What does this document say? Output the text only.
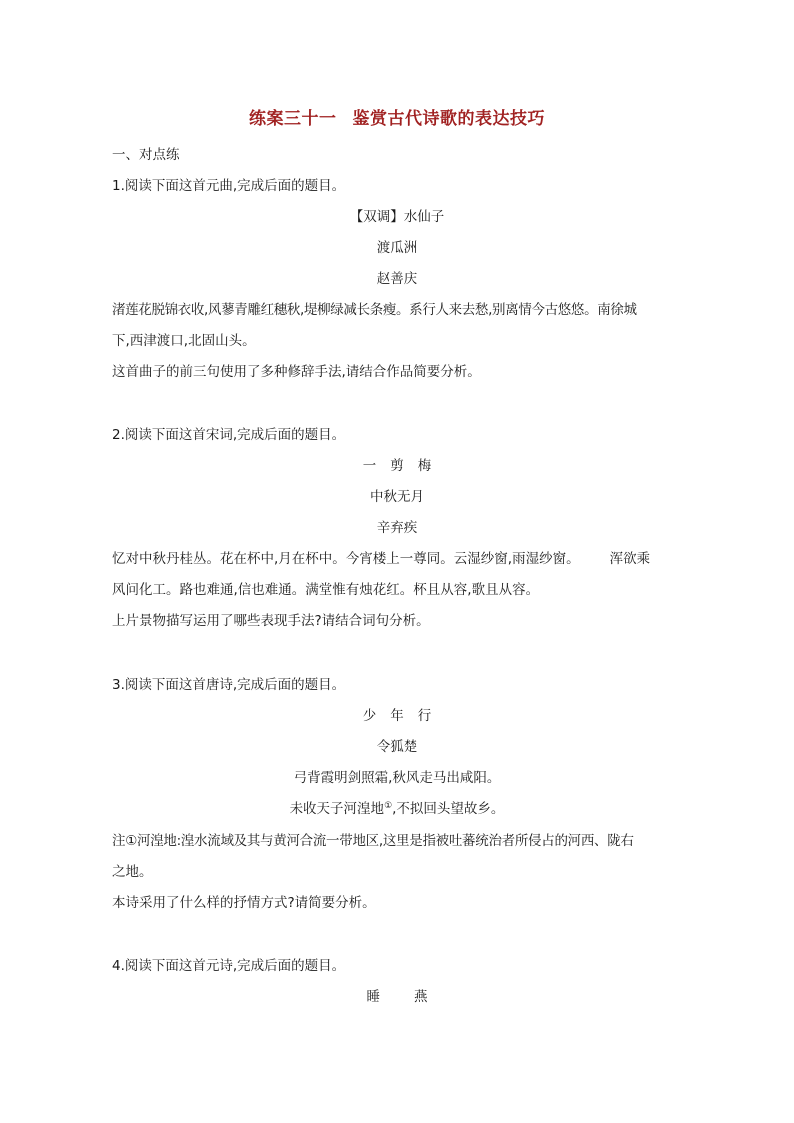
练案三十一 鉴赏古代诗歌的表达技巧
一、对点练
1.阅读下面这首元曲,完成后面的题目。
【双调】水仙子
渡瓜洲
赵善庆
渚莲花脱锦衣收,风蓼青雕红穗秋,堤柳绿减长条瘦。系行人来去愁,别离情今古悠悠。南徐城
下,西津渡口,北固山头。
这首曲子的前三句使用了多种修辞手法,请结合作品简要分析。
2.阅读下面这首宋词,完成后面的题目。
一剪梅
中秋无月
辛弃疾
忆对中秋丹桂丛。花在杯中,月在杯中。今宵楼上一尊同。云湿纱窗,雨湿纱窗。 浑欲乘
风问化工。路也难通,信也难通。满堂惟有烛花红。杯且从容,歌且从容。
上片景物描写运用了哪些表现手法?请结合词句分析。
3.阅读下面这首唐诗,完成后面的题目。
少年行
令狐楚
弓背霞明剑照霜,秋风走马出咸阳。
未收天子河湟地①,不拟回头望故乡。
注①河湟地:湟水流域及其与黄河合流一带地区,这里是指被吐蕃统治者所侵占的河西、陇右
之地。
本诗采用了什么样的抒情方式?请简要分析。
4.阅读下面这首元诗,完成后面的题目。
睡燕
